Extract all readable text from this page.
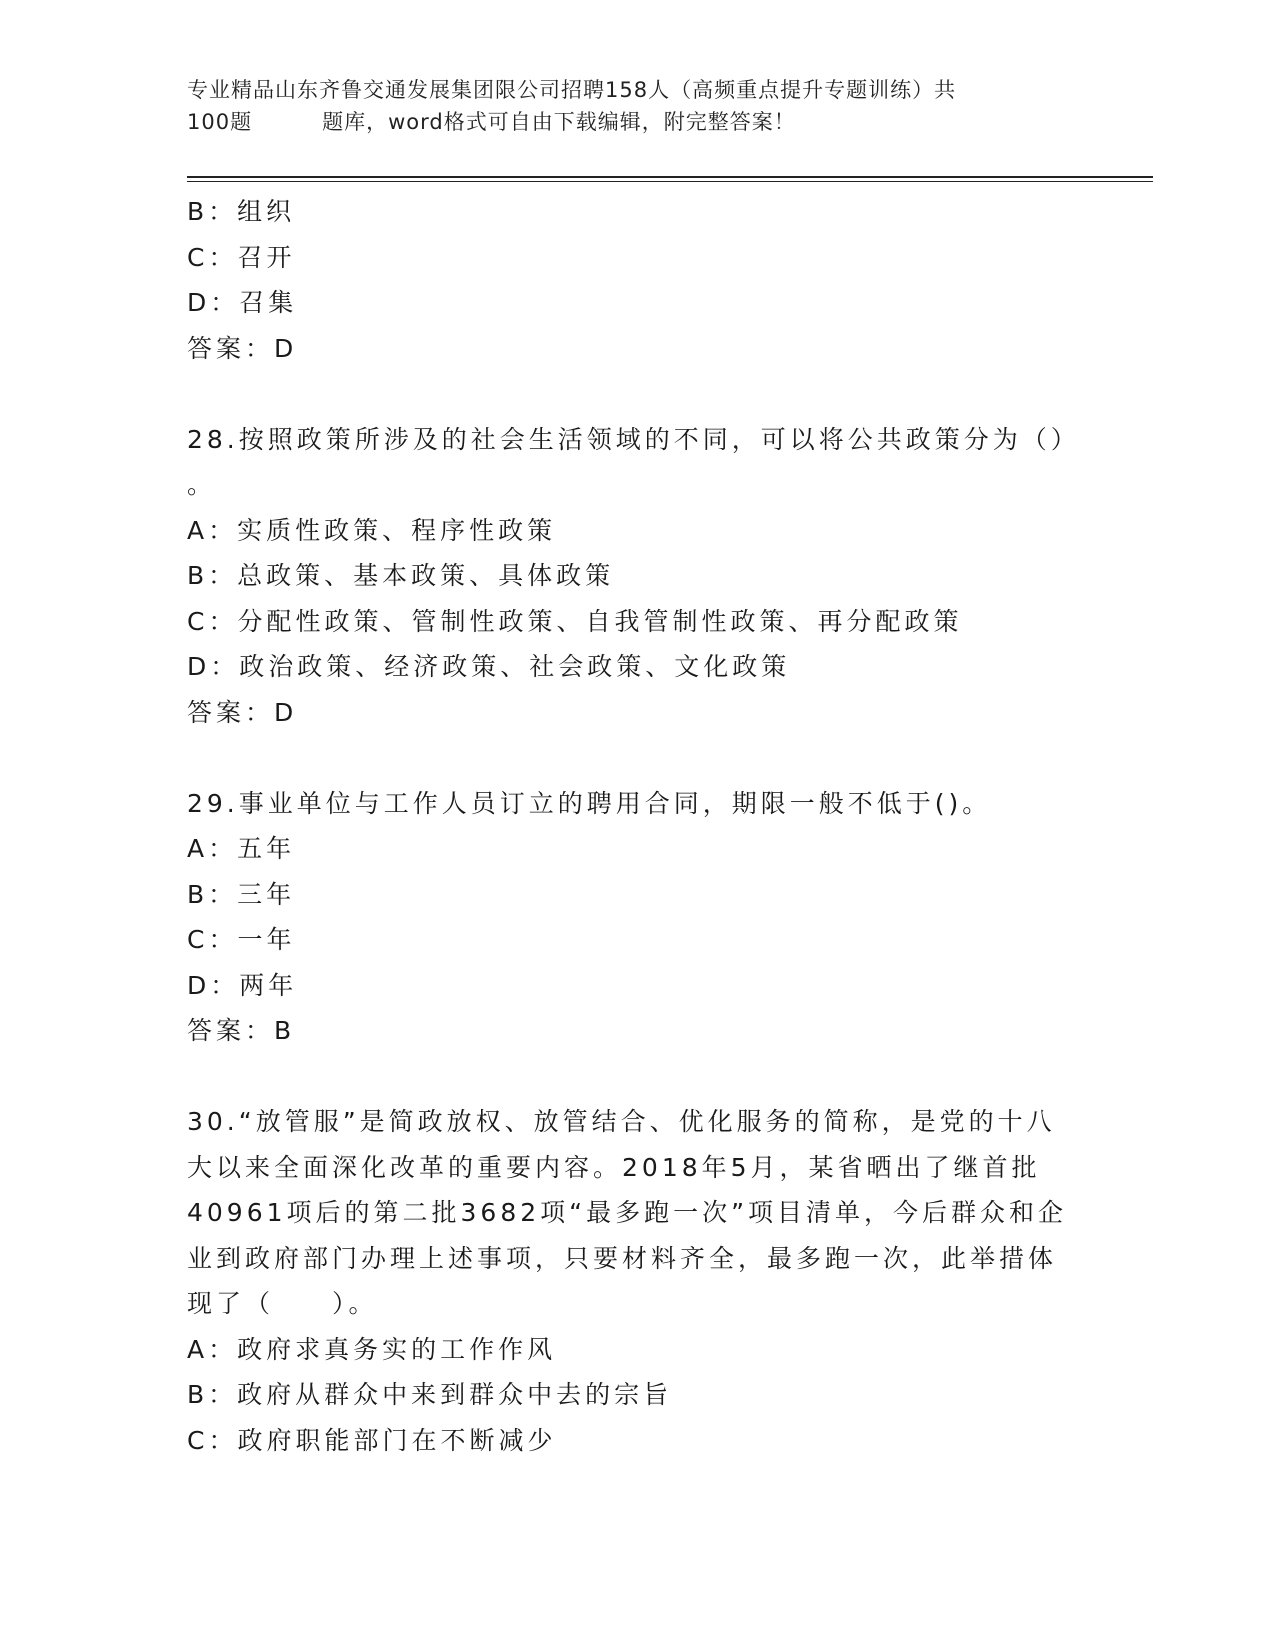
专业精品山东齐鲁交通发展集团限公司招聘158人（高频重点提升专题训练）共
100题	题库，word格式可自由下载编辑，附完整答案！
B：组织
C：召开
D：召集
答案：D
28.按照政策所涉及的社会生活领域的不同，可以将公共政策分为（）
。
A：实质性政策、程序性政策
B：总政策、基本政策、具体政策
C：分配性政策、管制性政策、自我管制性政策、再分配政策
D：政治政策、经济政策、社会政策、文化政策
答案：D
29.事业单位与工作人员订立的聘用合同，期限一般不低于()。
A：五年
B：三年
C：一年
D：两年
答案：B
30.“放管服”是简政放权、放管结合、优化服务的简称，是党的十八
大以来全面深化改革的重要内容。2018年5月，某省晒出了继首批
40961项后的第二批3682项“最多跑一次”项目清单，今后群众和企
业到政府部门办理上述事项，只要材料齐全，最多跑一次，此举措体
现了（　　）。
A：政府求真务实的工作作风
B：政府从群众中来到群众中去的宗旨
C：政府职能部门在不断减少
